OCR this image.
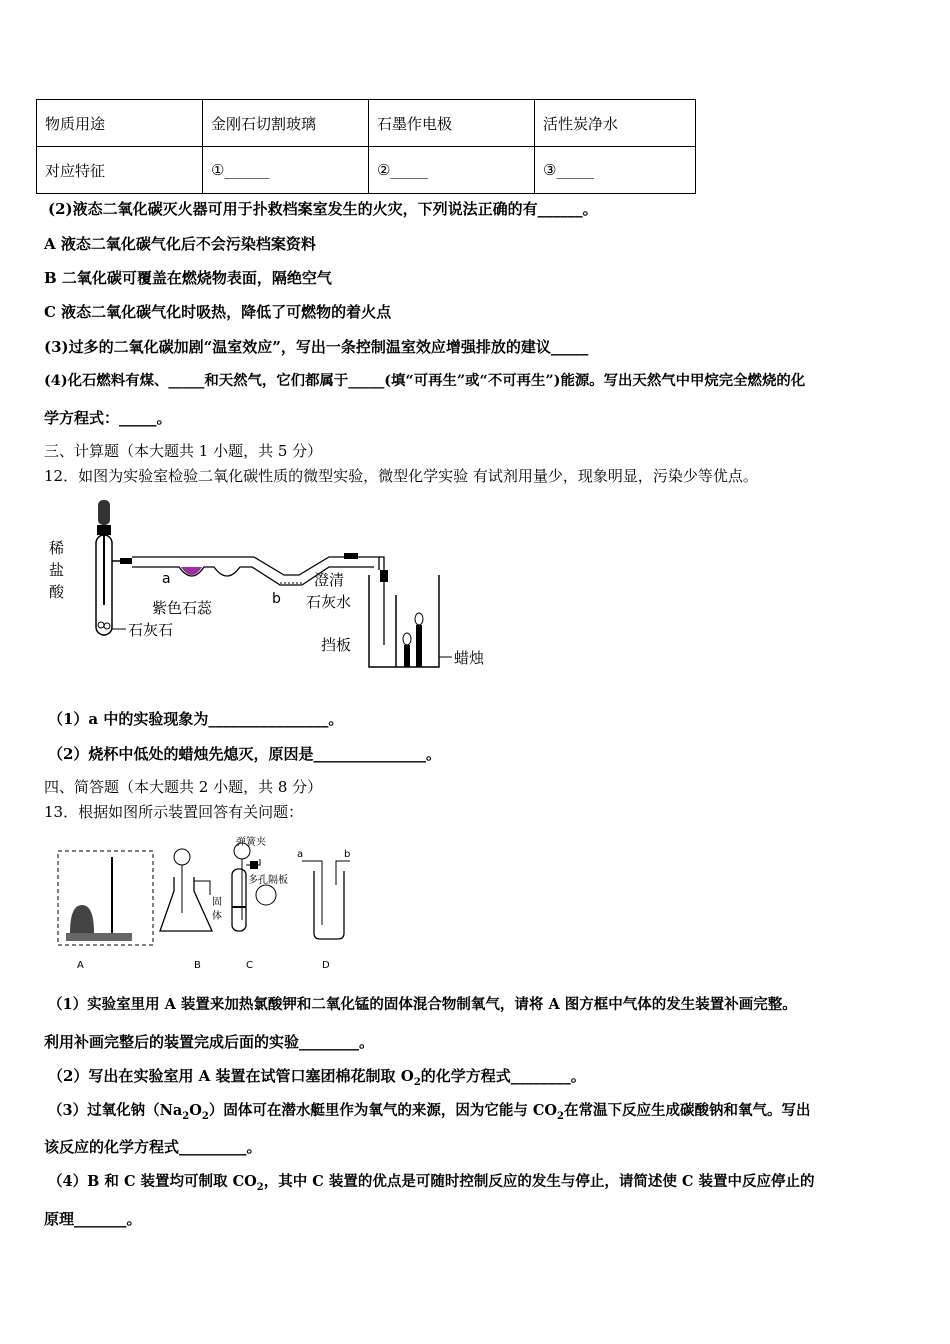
物质用途	金刚石切割玻璃	石墨作电极	活性炭净水
对应特征	①______	②_____	③_____
(2)液态二氧化碳灭火器可用于扑救档案室发生的火灾，下列说法正确的有______。
A 液态二氧化碳气化后不会污染档案资料
B 二氧化碳可覆盖在燃烧物表面，隔绝空气
C 液态二氧化碳气化时吸热，降低了可燃物的着火点
(3)过多的二氧化碳加剧“温室效应”，写出一条控制温室效应增强排放的建议_____
(4)化石燃料有煤、_____和天然气，它们都属于_____(填“可再生”或“不可再生”)能源。写出天然气中甲烷完全燃烧的化
学方程式：_____。
三、计算题（本大题共 1 小题，共 5 分）
12．如图为实验室检验二氧化碳性质的微型实验，微型化学实验 有试剂用量少，现象明显，污染少等优点。
稀
盐
酸
石灰石
a
紫色石蕊	b
澄清
石灰水
挡板
蜡烛
（1）a 中的实验现象为________________。
（2）烧杯中低处的蜡烛先熄灭，原因是_______________。
四、简答题（本大题共 2 小题，共 8 分）
13．根据如图所示装置回答有关问题：
弹簧夹
多孔隔板
固
体
a	b
A	B	C	D
（1）实验室里用 A 装置来加热氯酸钾和二氧化锰的固体混合物制氧气，请将 A 图方框中气体的发生装置补画完整。
利用补画完整后的装置完成后面的实验________。
（2）写出在实验室用 A 装置在试管口塞团棉花制取 $O_2$的化学方程式________。
（3）过氧化钠$(Na_2O_2)$固体可在潜水艇里作为氧气的来源，因为它能与 $CO_2$在常温下反应生成碳酸钠和氧气。写出
该反应的化学方程式_________。
（4）B 和 C 装置均可制取 $CO_2$，其中 C 装置的优点是可随时控制反应的发生与停止，请简述使 C 装置中反应停止的
原理_______。
